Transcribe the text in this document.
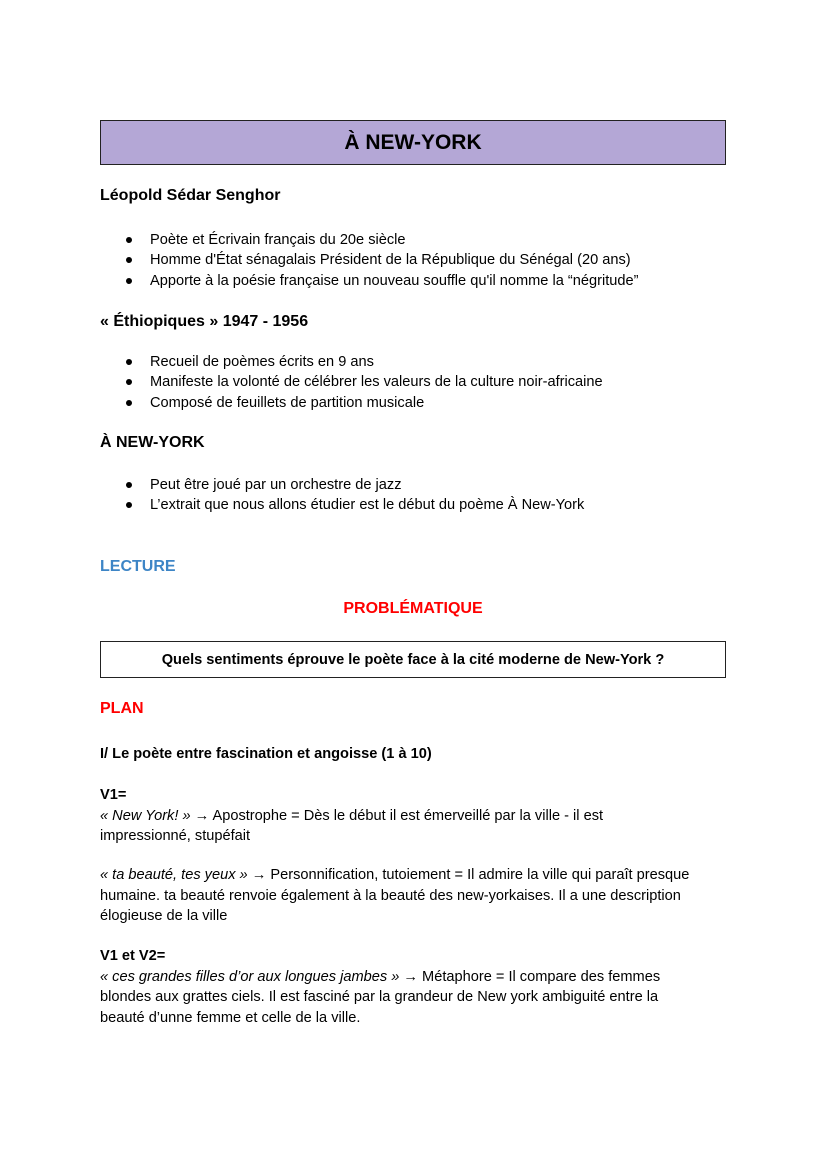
À NEW-YORK
Léopold Sédar Senghor
Poète et Écrivain français du 20e siècle
Homme d'État sénagalais Président de la République du Sénégal (20 ans)
Apporte à la poésie française un nouveau souffle qu'il nomme la “négritude”
« Éthiopiques » 1947 - 1956
Recueil de poèmes écrits en 9 ans
Manifeste la volonté de célébrer les valeurs de la culture noir-africaine
Composé de feuillets de partition musicale
À NEW-YORK
Peut être joué par un orchestre de jazz
L’extrait que nous allons étudier est le début du poème À New-York
LECTURE
PROBLÉMATIQUE
Quels sentiments éprouve le poète face à la cité moderne de New-York ?
PLAN
I/ Le poète entre fascination et angoisse (1 à 10)
V1=

« New York! » → Apostrophe = Dès le début il est émerveillé par la ville - il est
impressionné, stupéfait

« ta beauté, tes yeux » → Personnification, tutoiement = Il admire la ville qui paraît presque
humaine. ta beauté renvoie également à la beauté des new-yorkaises. Il a une description
élogieuse de la ville

V1 et V2=

« ces grandes filles d’or aux longues jambes » → Métaphore = Il compare des femmes
blondes aux grattes ciels. Il est fasciné par la grandeur de New york ambiguité entre la
beauté d’unne femme et celle de la ville.
